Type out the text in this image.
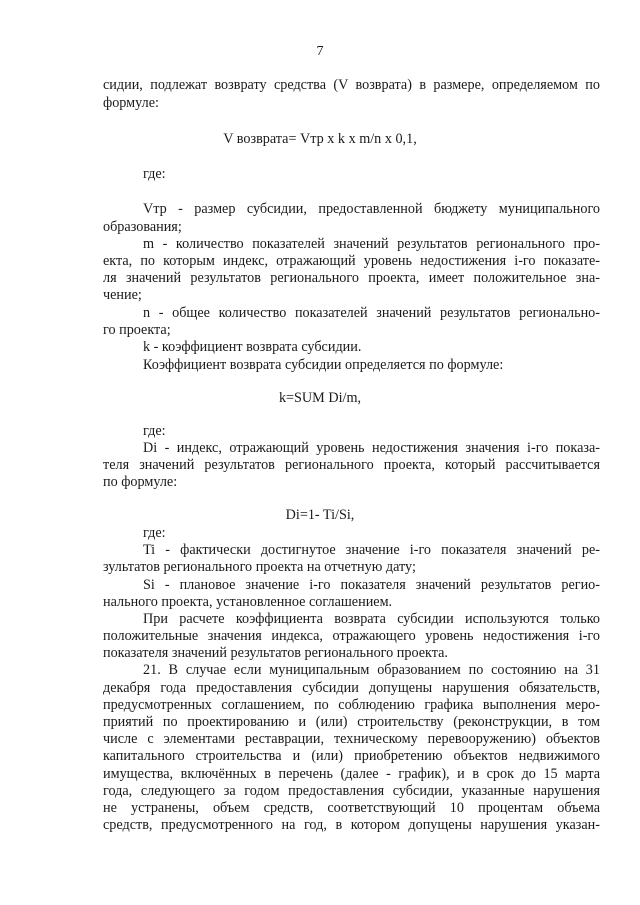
7
сидии, подлежат возврату средства (V возврата) в размере, определяемом по
формуле:
V возврата= Vтр x k x m/n x 0,1,
где:
Vтр - размер субсидии, предоставленной бюджету муниципального
образования;
m - количество показателей значений результатов регионального про-
екта, по которым индекс, отражающий уровень недостижения i-го показате-
ля значений результатов регионального проекта, имеет положительное зна-
чение;
n - общее количество показателей значений результатов регионально-
го проекта;
k - коэффициент возврата субсидии.
Коэффициент возврата субсидии определяется по формуле:
k=SUM Di/m,
где:
Di - индекс, отражающий уровень недостижения значения i-го показа-
теля значений результатов регионального проекта, который рассчитывается
по формуле:
Di=1- Ti/Si,
где:
Ti - фактически достигнутое значение i-го показателя значений ре-
зультатов регионального проекта на отчетную дату;
Si - плановое значение i-го показателя значений результатов регио-
нального проекта, установленное соглашением.
При расчете коэффициента возврата субсидии используются только
положительные значения индекса, отражающего уровень недостижения i-го
показателя значений результатов регионального проекта.
21. В случае если муниципальным образованием по состоянию на 31
декабря года предоставления субсидии допущены нарушения обязательств,
предусмотренных соглашением, по соблюдению графика выполнения меро-
приятий по проектированию и (или) строительству (реконструкции, в том
числе с элементами реставрации, техническому перевооружению) объектов
капитального строительства и (или) приобретению объектов недвижимого
имущества, включённых в перечень (далее - график), и в срок до 15 марта
года, следующего за годом предоставления субсидии, указанные нарушения
не устранены, объем средств, соответствующий 10 процентам объема
средств, предусмотренного на год, в котором допущены нарушения указан-
